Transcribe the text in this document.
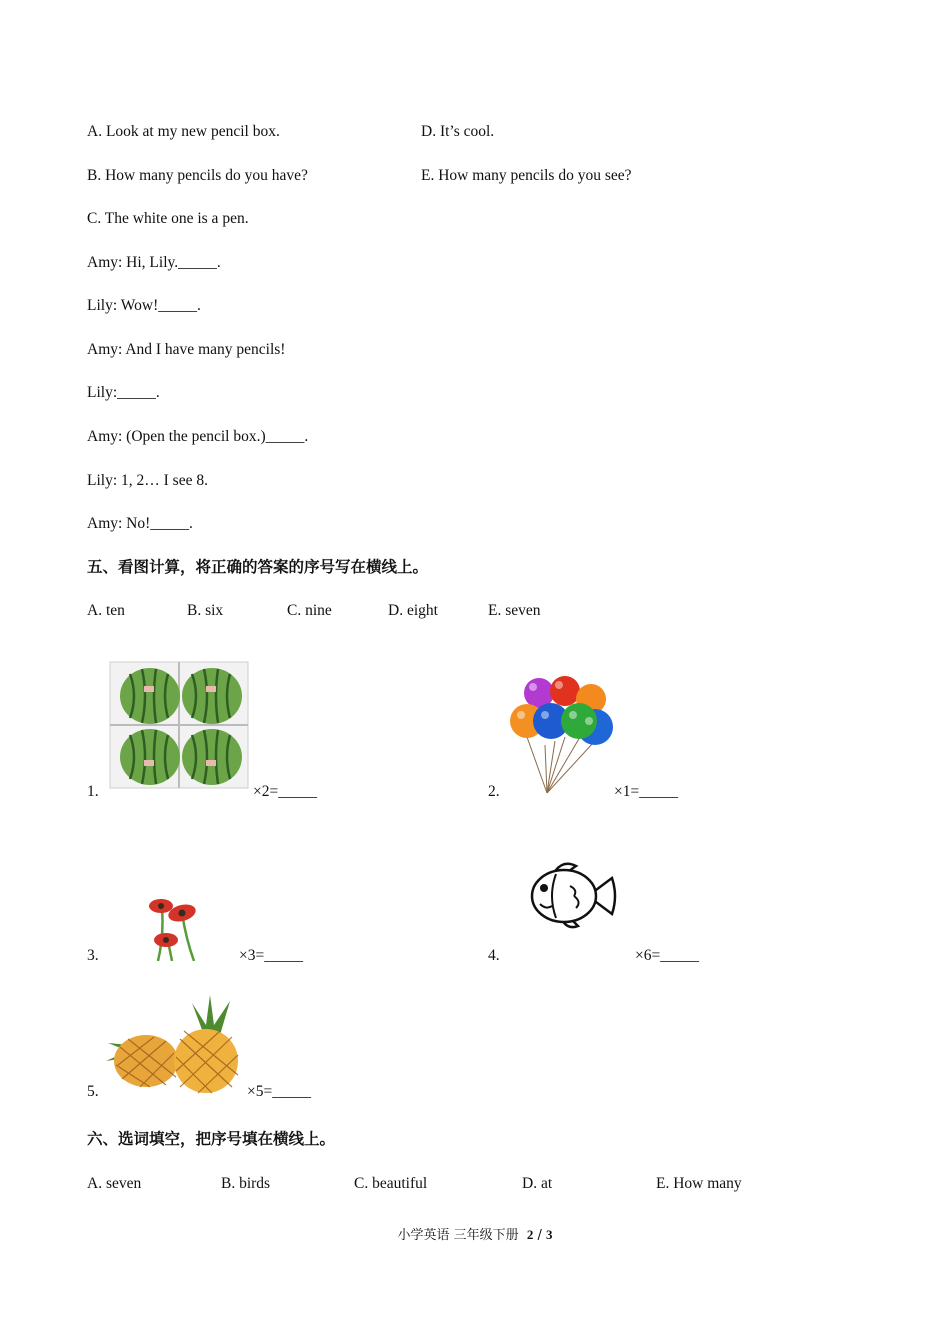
A. Look at my new pencil box.	D. It’s cool.
B. How many pencils do you have?	E. How many pencils do you see?
C. The white one is a pen.
Amy: Hi, Lily._____.
Lily: Wow!_____.
Amy: And I have many pencils!
Lily:_____.
Amy: (Open the pencil box.)_____.
Lily: 1, 2… I see 8.
Amy: No!_____.
五、看图计算，将正确的答案的序号写在横线上。
A. ten	B. six	C. nine	D. eight	E. seven
1.	×2=_____	2.	×1=_____
3.	×3=_____	4.	×6=_____
5.	×5=_____
六、选词填空，把序号填在横线上。
A. seven	B. birds	C. beautiful	D. at	E. How many
小学英语 三年级下册 2 / 3
